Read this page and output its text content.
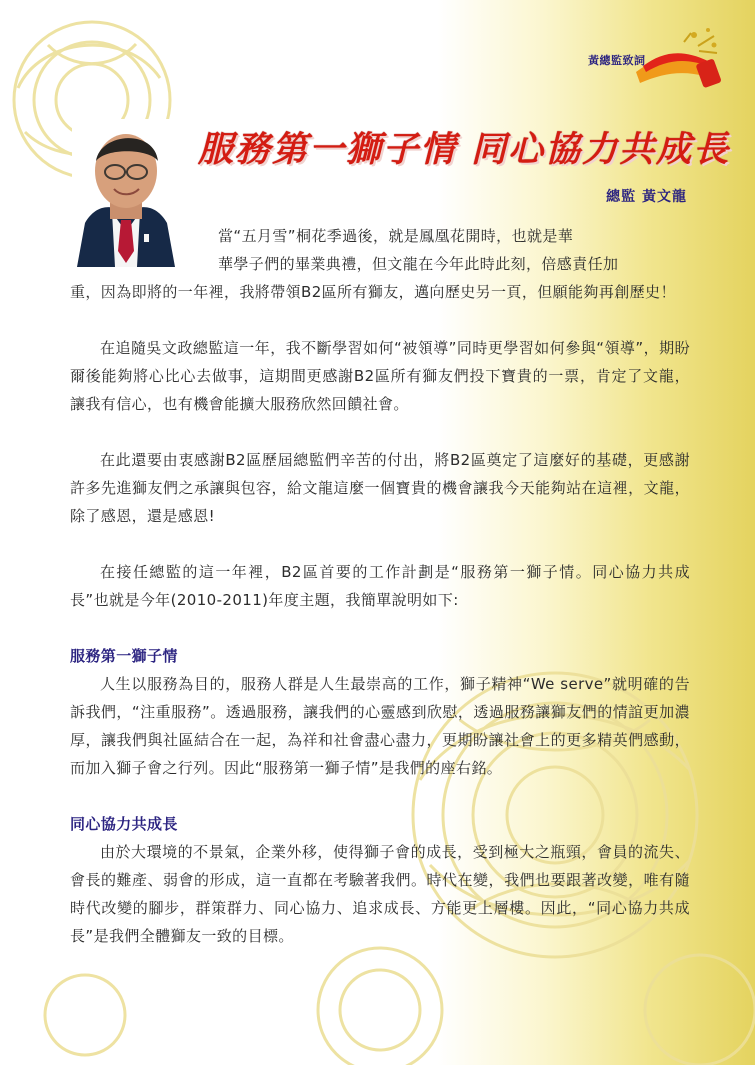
黃總監致詞
服務第一獅子情 同心協力共成長
總監 黃文龍

當“五月雪”桐花季過後，就是鳳凰花開時，也就是華

華學子們的畢業典禮，但文龍在今年此時此刻，倍感責任加

重，因為即將的一年裡，我將帶領B2區所有獅友，邁向歷史另一頁，但願能夠再創歷史！

在追隨吳文政總監這一年，我不斷學習如何“被領導”同時更學習如何參與“領導”，期盼爾後能夠將心比心去做事，這期間更感謝B2區所有獅友們投下寶貴的一票，肯定了文龍，讓我有信心，也有機會能擴大服務欣然回饋社會。

在此還要由衷感謝B2區歷屆總監們辛苦的付出，將B2區奠定了這麼好的基礎，更感謝許多先進獅友們之承讓與包容，給文龍這麼一個寶貴的機會讓我今天能夠站在這裡，文龍，除了感恩，還是感恩!

在接任總監的這一年裡，B2區首要的工作計劃是“服務第一獅子情。同心協力共成長”也就是今年(2010-2011)年度主題，我簡單說明如下:

服務第一獅子情

人生以服務為目的，服務人群是人生最崇高的工作，獅子精神“We serve”就明確的告訴我們，“注重服務”。透過服務，讓我們的心靈感到欣慰，透過服務讓獅友們的情誼更加濃厚，讓我們與社區結合在一起，為祥和社會盡心盡力，更期盼讓社會上的更多精英們感動，而加入獅子會之行列。因此“服務第一獅子情”是我們的座右銘。

同心協力共成長

由於大環境的不景氣，企業外移，使得獅子會的成長，受到極大之瓶頸，會員的流失、會長的難產、弱會的形成，這一直都在考驗著我們。時代在變，我們也要跟著改變，唯有隨時代改變的腳步，群策群力、同心協力、追求成長、方能更上層樓。因此，“同心協力共成長”是我們全體獅友一致的目標。
